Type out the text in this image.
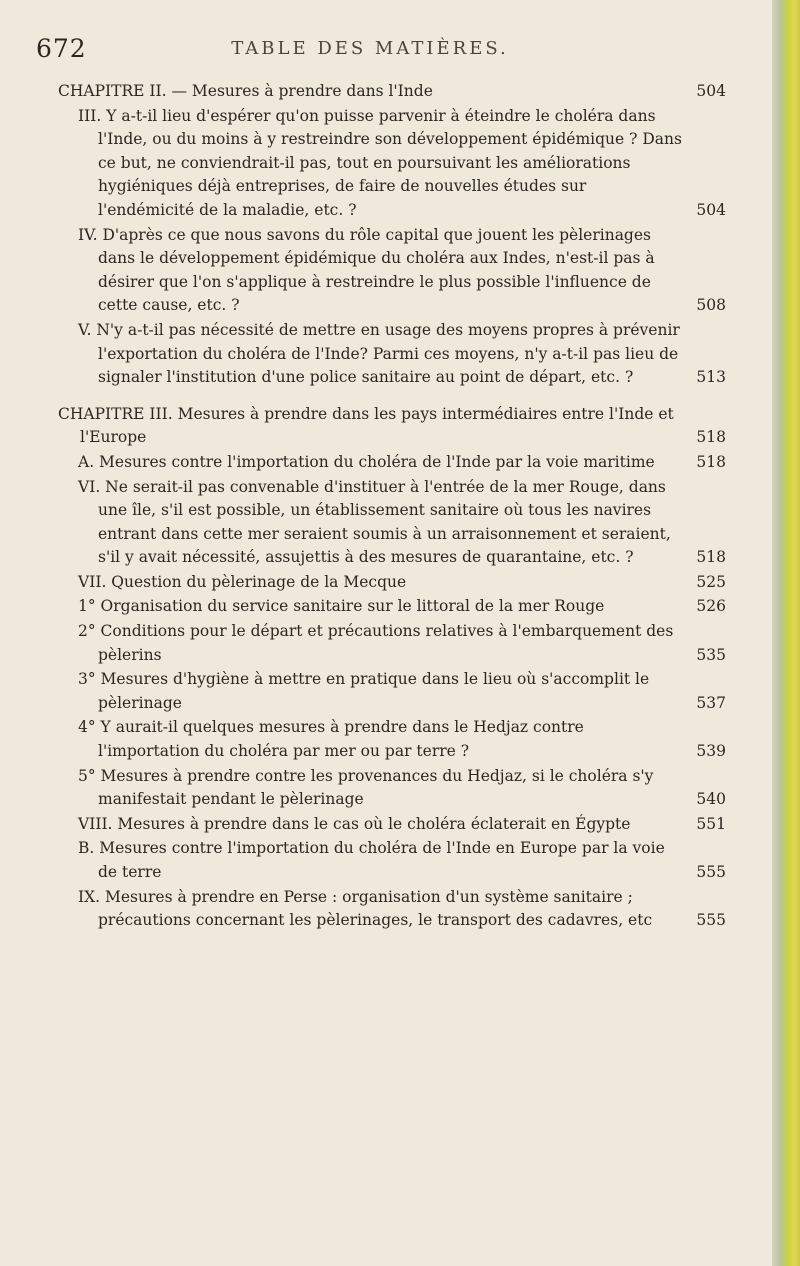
672	TABLE DES MATIÈRES.
CHAPITRE II. — Mesures à prendre dans l'Inde	504
III. Y a-t-il lieu d'espérer qu'on puisse parvenir à éteindre le choléra dans l'Inde, ou du moins à y restreindre son développement épidémique ? Dans ce but, ne conviendrait-il pas, tout en poursuivant les améliorations hygiéniques déjà entreprises, de faire de nouvelles études sur l'endémicité de la maladie, etc. ?	504
IV. D'après ce que nous savons du rôle capital que jouent les pèlerinages dans le développement épidémique du choléra aux Indes, n'est-il pas à désirer que l'on s'applique à restreindre le plus possible l'influence de cette cause, etc. ?	508
V. N'y a-t-il pas nécessité de mettre en usage des moyens propres à prévenir l'exportation du choléra de l'Inde? Parmi ces moyens, n'y a-t-il pas lieu de signaler l'institution d'une police sanitaire au point de départ, etc. ?	513
CHAPITRE III. Mesures à prendre dans les pays intermédiaires entre l'Inde et l'Europe	518
A. Mesures contre l'importation du choléra de l'Inde par la voie maritime	518
VI. Ne serait-il pas convenable d'instituer à l'entrée de la mer Rouge, dans une île, s'il est possible, un établissement sanitaire où tous les navires entrant dans cette mer seraient soumis à un arraisonnement et seraient, s'il y avait nécessité, assujettis à des mesures de quarantaine, etc. ?	518
VII. Question du pèlerinage de la Mecque	525
1° Organisation du service sanitaire sur le littoral de la mer Rouge	526
2° Conditions pour le départ et précautions relatives à l'embarquement des pèlerins	535
3° Mesures d'hygiène à mettre en pratique dans le lieu où s'accomplit le pèlerinage	537
4° Y aurait-il quelques mesures à prendre dans le Hedjaz contre l'importation du choléra par mer ou par terre ?	539
5° Mesures à prendre contre les provenances du Hedjaz, si le choléra s'y manifestait pendant le pèlerinage	540
VIII. Mesures à prendre dans le cas où le choléra éclaterait en Égypte	551
B. Mesures contre l'importation du choléra de l'Inde en Europe par la voie de terre	555
IX. Mesures à prendre en Perse : organisation d'un système sanitaire ; précautions concernant les pèlerinages, le transport des cadavres, etc	555
